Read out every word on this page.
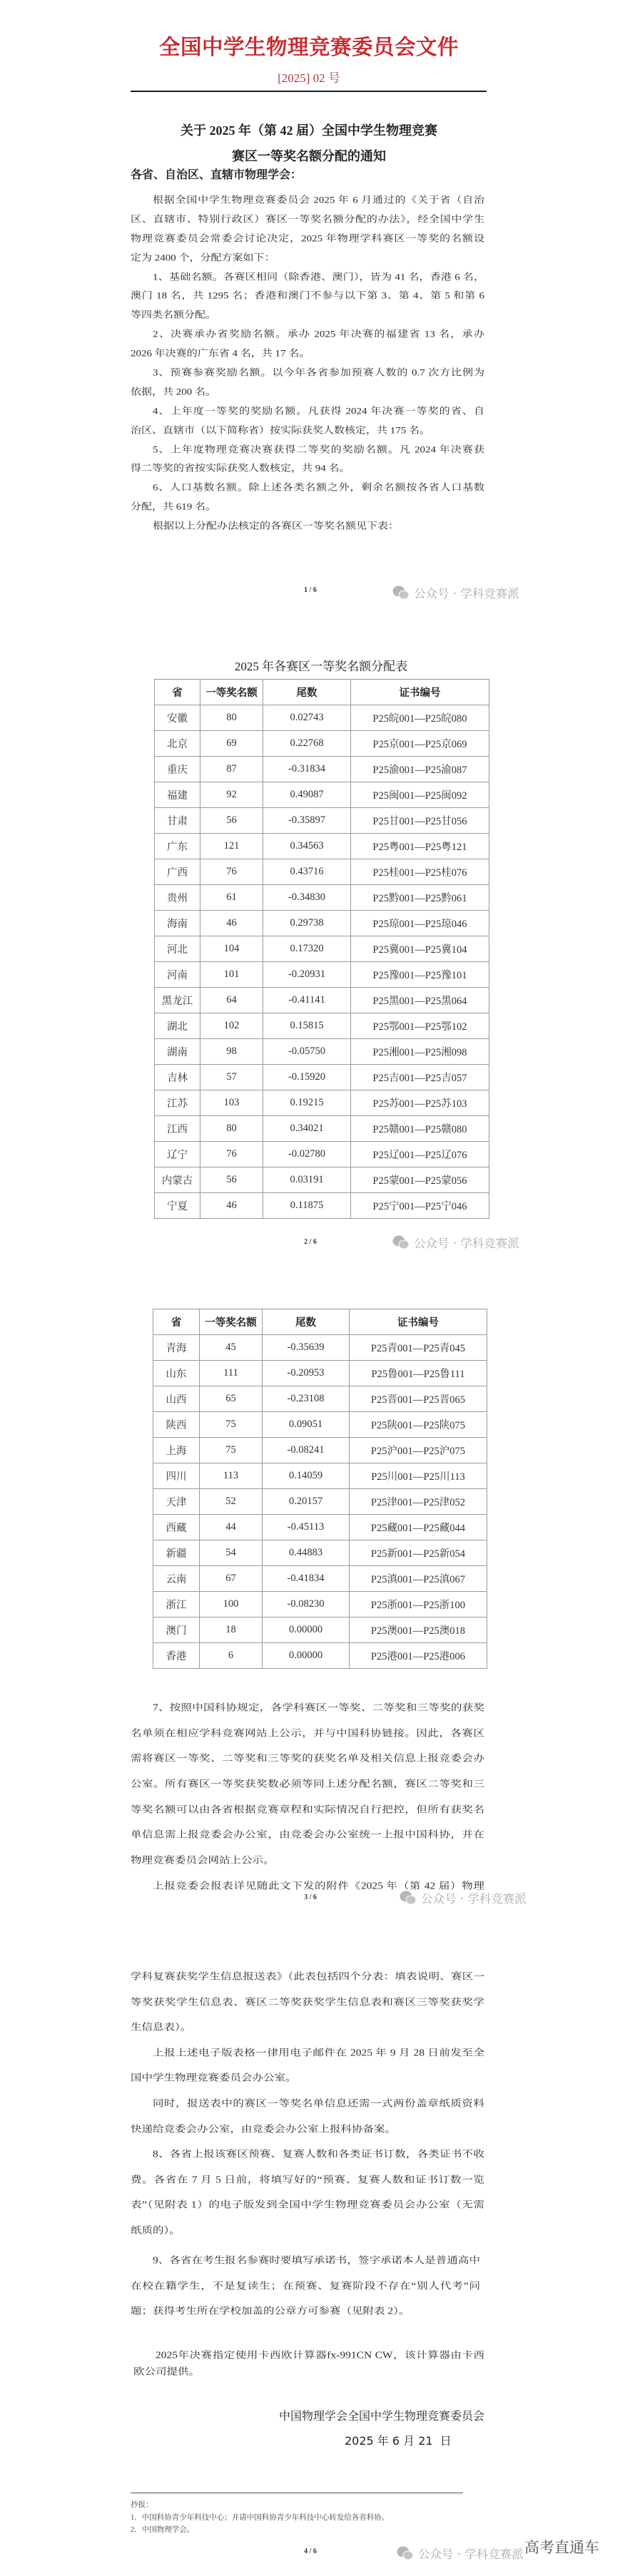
全国中学生物理竞赛委员会文件
[2025] 02 号
关于 2025 年（第 42 届）全国中学生物理竞赛
赛区一等奖名额分配的通知
各省、自治区、直辖市物理学会：
根据全国中学生物理竞赛委员会 2025 年 6 月通过的《关于省（自治
区、直辖市、特别行政区）赛区一等奖名额分配的办法》，经全国中学生
物理竞赛委员会常委会讨论决定，2025 年物理学科赛区一等奖的名额设
定为 2400 个，分配方案如下：
1、基础名额。各赛区相同（除香港、澳门），皆为 41 名，香港 6 名，
澳门 18 名，共 1295 名；香港和澳门不参与以下第 3、第 4、第 5 和第 6
等四类名额分配。
2、决赛承办省奖励名额。承办 2025 年决赛的福建省 13 名，承办
2026 年决赛的广东省 4 名，共 17 名。
3、预赛参赛奖励名额。以今年各省参加预赛人数的 0.7 次方比例为
依据，共 200 名。
4、上年度一等奖的奖励名额。凡获得 2024 年决赛一等奖的省、自
治区、直辖市（以下简称省）按实际获奖人数核定，共 175 名。
5、上年度物理竞赛决赛获得二等奖的奖励名额。凡 2024 年决赛获
得二等奖的省按实际获奖人数核定，共 94 名。
6、人口基数名额。除上述各类名额之外，剩余名额按各省人口基数
分配，共 619 名。
根据以上分配办法核定的各赛区一等奖名额见下表：
1 / 6	公众号 · 学科竞赛派
2025 年各赛区一等奖名额分配表
省	一等奖名额	尾数	证书编号
安徽	80	0.02743	P25皖001—P25皖080
北京	69	0.22768	P25京001—P25京069
重庆	87	-0.31834	P25渝001—P25渝087
福建	92	0.49087	P25闽001—P25闽092
甘肃	56	-0.35897	P25甘001—P25甘056
广东	121	0.34563	P25粤001—P25粤121
广西	76	0.43716	P25桂001—P25桂076
贵州	61	-0.34830	P25黔001—P25黔061
海南	46	0.29738	P25琼001—P25琼046
河北	104	0.17320	P25冀001—P25冀104
河南	101	-0.20931	P25豫001—P25豫101
黑龙江	64	-0.41141	P25黑001—P25黑064
湖北	102	0.15815	P25鄂001—P25鄂102
湖南	98	-0.05750	P25湘001—P25湘098
吉林	57	-0.15920	P25吉001—P25吉057
江苏	103	0.19215	P25苏001—P25苏103
江西	80	0.34021	P25赣001—P25赣080
辽宁	76	-0.02780	P25辽001—P25辽076
内蒙古	56	0.03191	P25蒙001—P25蒙056
宁夏	46	0.11875	P25宁001—P25宁046
2 / 6	公众号 · 学科竞赛派
省	一等奖名额	尾数	证书编号
青海	45	-0.35639	P25青001—P25青045
山东	111	-0.20953	P25鲁001—P25鲁111
山西	65	-0.23108	P25晋001—P25晋065
陕西	75	0.09051	P25陕001—P25陕075
上海	75	-0.08241	P25沪001—P25沪075
四川	113	0.14059	P25川001—P25川113
天津	52	0.20157	P25津001—P25津052
西藏	44	-0.45113	P25藏001—P25藏044
新疆	54	0.44883	P25新001—P25新054
云南	67	-0.41834	P25滇001—P25滇067
浙江	100	-0.08230	P25浙001—P25浙100
澳门	18	0.00000	P25澳001—P25澳018
香港	6	0.00000	P25港001—P25港006
7、按照中国科协规定，各学科赛区一等奖、二等奖和三等奖的获奖
名单须在相应学科竞赛网站上公示，并与中国科协链接。因此，各赛区
需将赛区一等奖、二等奖和三等奖的获奖名单及相关信息上报竞委会办
公室。所有赛区一等奖获奖数必须等同上述分配名额，赛区二等奖和三
等奖名额可以由各省根据竞赛章程和实际情况自行把控，但所有获奖名
单信息需上报竞委会办公室，由竞委会办公室统一上报中国科协，并在
物理竞赛委员会网站上公示。
上报竞委会报表详见随此文下发的附件《2025 年（第 42 届）物理
3 / 6	公众号 · 学科竞赛派
学科复赛获奖学生信息报送表》（此表包括四个分表：填表说明、赛区一
等奖获奖学生信息表、赛区二等奖获奖学生信息表和赛区三等奖获奖学
生信息表）。
上报上述电子版表格一律用电子邮件在 2025 年 9 月 28 日前发至全
国中学生物理竞赛委员会办公室。
同时，报送表中的赛区一等奖名单信息还需一式两份盖章纸质资料
快递给竞委会办公室，由竞委会办公室上报科协备案。
8、各省上报该赛区预赛、复赛人数和各类证书订数，各类证书不收
费。各省在 7 月 5 日前，将填写好的“预赛、复赛人数和证书订数一览
表”（见附表 1）的电子版发到全国中学生物理竞赛委员会办公室（无需
纸质的）。
9、各省在考生报名参赛时要填写承诺书，签字承诺本人是普通高中
在校在籍学生，不是复读生；在预赛、复赛阶段不存在“别人代考”问
题；获得考生所在学校加盖的公章方可参赛（见附表 2）。
2025年决赛指定使用卡西欧计算器fx-991CN CW，该计算器由卡西
欧公司提供。
中国物理学会全国中学生物理竞赛委员会
2025 年 6 月 21  日
抄报：
1．中国科协青少年科技中心；并请中国科协青少年科技中心转发给各省科协。
2．中国物理学会。
4 / 6	公众号 · 学科竞赛派 高考直通车
